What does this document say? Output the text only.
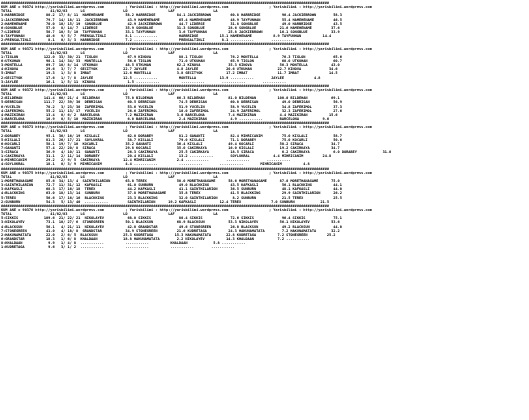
#########################################################################################################################################################
KUM ANE = 90374 http://yarisbilimi.wordpress.com          ; Yarisbilimi : http://yarisbilimi.wordpress.com                   ; Yarisbilimi : http://yarisbilimi.wordpress.com
TOTAL                  41/02/83      LG                  LD                   LAF                  LA
3:HARBRIDGE          80.2  17/ 8/ 11  HAMEHENAME          58.2 HARBRIDGE          84.1 JACKIEBROWN         60.8 HARBRIDGE          96.4 JACKIEBROWN        58.3
1:JACKIEBROWN        79.7  14/ 18/ 11  JACKIEBROWN         43.9 HAMEHENAME         65.4 HAMEHENAME         48.9 TAYFUNHAN          55.4 HAMEHENAME         46.5
2:HAMEHENAME         70.0  10/ 15/ 19  SONGBLUE            42.9 JACKIEBROWN        44.7 LIDERSE            31.8 SONGBLUE           49.0 HARBRIDGE          43.5
6:SONGBLUE           57.0   8/ 14/ 7  LIDERSE             35.9 SONGBLUE           31.3 SONGBLUE           28.6 SONGBLUE           21.6 HAMEHENAME         37.6
7:LIDERSE            50.7  10/ 5/ 10  TAYFUNHAN           33.1 TAYFUNHAN           3.6 TAYFUNHAN          25.8 JACKIEBROWN        16.1 SONGBLUE           33.9
8:TAYFUNHAN          48.6   9/ 5/ 7  PRENSALTINLI         8.1 ...........          HARBRIDGE          15.1 HAMEHENAME          8.9 TAYFUNHAN          14.4
2:PRENSALTINLI        8.1   0/ 3/ 3  HARBRIDGE            7.2 ...........          PRENSALTINLI        8.1 ...........        ...........
#########################################################################################################################################################
KUM ANE = 90371 http://yarisbilimi.wordpress.com          ; Yarisbilimi : http://yarisbilimi.wordpress.com                   ; Yarisbilimi : http://yarisbilimi.wordpress.com
TOTAL                  41/02/83      LG                  LD                   LAF                  LA
1:TIGLON            122.0  33/ 30/ 21  TIGLON              67.9 KINOVA             88.1 TIGLON             76.2 MONTELLA           76.3 TIGLON             65.6
6:UTKUHAN            90.1  14/ 34/ 33  MONTELLA            56.6 TIGLON             71.0 UTKUHAN            65.9 TIGLON             60.0 UTKUHAN            60.7
3:MONTELLA           69.7  10/ 8/ 14  UTKUHAN             48.5 UTKUHAN            62.2 KINOVA             35.3 KINOVA             56.3 MONTELLA           43.0
4:KINOVA             29.6   3/ 7/ 7  GECITYOK            22.7 JAYLEE              4.8 JAYLEE             20.6 UTKUHAN            22.7 KINOVA             34.6
5:IMBAT              19.3   1/ 3/ 8  IMBAT               12.6 MONTELLA            3.8 GECITYOK           17.2 IMBAT              11.7 IMBAT              14.5
2:GECITYOK           17.6   1/ 7/ 8  JAYLEE              12.5 ...........          MONTELLA           13.9 ...........        JAYLEE              4.8
3:JAYLEE             16.1   1/ 5/ 11  KINOVA               1.5 ...........          ...........        ...........        ...........
#########################################################################################################################################################
KUM ANE = 90372 http://yarisbilimi.wordpress.com          ; Yarisbilimi : http://yarisbilimi.wordpress.com                   ; Yarisbilimi : http://yarisbilimi.wordpress.com
TOTAL                  41/02/83      LG                  LD                   LAF                  LA
2:BILDEHAN          141.4  66/ 21/ 4  BILDEHAN            75.0 BILDEHAN           66.3 BILDEHAN           81.0 BILDEHAN          100.0 BILDEHAN           69.1
5:DEBRISAN          111.7  22/ 39/ 30  DEBRISAN            60.5 DEBRISAN           74.5 DEBRISAN           60.0 DEBRISAN           49.0 DEBRISAN           56.9
6:YUCELIN            70.2   3/ 23/ 30  ZAFERIMOL           53.6 YUCELIN            51.9 YUCELIN            58.9 YUCELIN            34.8 ZAFERIMOL          37.3
4:ZAFERIMOL          55.2  11/ 13/ 17  YUCELIN             26.6 ZAFERIMOL          10.0 ZAFERIMOL          24.9 ZAFERIMOL          32.3 ZAFERIMOL          27.6
4:MAZIKIRAN          13.4   0/ 6/ 2  BARCELONA            7.2 MAZIKIRAN           3.0 BARCELONA           7.4 MAZIKIRAN           4.4 MAZIKIRAN          15.6
1:BARCELONA          10.9   0/ 5/ 10  MAZIKIRAN            6.0 BARCELONA           2.4 MAZIKIRAN           4.9 ...........        BARCELONA           9.6
#########################################################################################################################################################
KUM ANE = 90373 http://yarisbilimi.wordpress.com          ; Yarisbilimi : http://yarisbilimi.wordpress.com                   ; Yarisbilimi : http://yarisbilimi.wordpress.com
TOTAL                  41/02/83      LG                  LD                   LAF                  LA
2:DORABEY            95.1  36/ 16/ 19  KISLALI             62.0 DORABEY            81.2 GANANTI            82.4 MIHRICANIM         75.0 KISLALI            58.7
5:KISLALI            81.3  26/ 17/ 21  SOYLUKRAL           38.7 KISLALI            79.0 KISLALI            71.1 DORABEY            75.0 KOCARLI            50.6
6:KOCARLI            58.1  19/ 7/ 10  KOCARLI             35.2 GANANTI            36.4 KISLALI            49.4 KOCARLI            50.2 SIRACA             34.7
7:GANANTI            57.4  22/ 20/ 8  SIRACA              29.8 KOCARLI            35.0 CAKIRKAYA          16.0 KISLALI            19.2 CAKIRKAYA          34.7
3:SIRACA             36.9   4/ 10/ 11  GANANTI             26.3 CAKIRKAYA          25.5 CAKIRKAYA          18.5 SIRACA             6.2 CAKIRKAYA           6.0 DORABEY            31.0
1:CAKIRKAYA          31.1   2/ 11/ 14  DORABEY             20.4 KISLALI            13.2 ...........        SOYLUKRAL           4.4 MIHRICANIM         24.8
8:MIHRICANIM         29.2   2/ 9/ 5  CAKIRKAYA           12.4 MIHRICANIM          2.4 ...........        ...........        ...........
4:SOYLUKRAL          18.1   0/ 3/ 9  MIHRICANIM           4.4 ...........          ...........        ...........        MIHRICANIM          4.8
#########################################################################################################################################################
KUM ANE = 90375 http://yarisbilimi.wordpress.com          ; Yarisbilimi : http://yarisbilimi.wordpress.com                   ; Yarisbilimi : http://yarisbilimi.wordpress.com
TOTAL                  41/02/83      LG                  LD                   LAF                  LA
1:MORETHANAGAME      85.6  34/ 13/ 4  SAINTHILARION       63.0 TEREX              50.0 MORETHANAGAME      58.6 MORETHANAGAME      87.0 MORETHANAGAME      75.0
3:SAINTHILARION      72.7  11/ 31/ 12  KAFKASLI            61.0 SUNBURN            49.0 BLACKKING          43.5 KAFKASLI           56.1 BLACKKING          44.1
3:KAFKASLI           68.3  17/ 16/ 18  TEREX               44.2 KAFKASLI           41.1 SAINTHILARION      36.5 SUNBURN            48.1 KAFKASLI           44.0
4:BLACKKING          63.0  18/ 13/ 14  SUNBURN             37.8 MORETHANAGAME      35.8 TEREX              41.5 BLACKKING          29.9 SAINTHILARION      26.2
5:TEREX              56.6  17/ 16/ 16  BLACKKING           23.3 BLACKKING          32.0 SAINTHILARION       8.2 SUNBURN            21.5 TEREX              25.5
2:SUNBURN            54.3   5/ 13/ 40  ...........         SAINTHILARION      19.2 KAFKASLI           12.4 TEREX              7.0 SUNBURN            21.5
#########################################################################################################################################################
KUM ANE = 90376 http://yarisbilimi.wordpress.com          ; Yarisbilimi : http://yarisbilimi.wordpress.com                   ; Yarisbilimi : http://yarisbilimi.wordpress.com
TOTAL                  41/02/83      LG                  LD                   LAF                  LA
5:SIKKIS            109.6  21/ 22/ 21  NIKOLAYEV           68.0 SIKKIS             80.4 SIKKIS             72.6 SIKKIS             96.4 SIKKIS             75.1
3:NIKOLAYEV          73.1  10/ 27/ 6  STONEGREEN          50.1 BLACKSUN           68.9 BLACKSUN           53.3 NIKOLAYEV          56.1 NIKOLAYEV          53.6
4:BLACKSUN           56.1   4/ 21/ 11  NIKOLAYEV           42.0 GRANDSTAR          49.6 STONEGREEN         26.0 BLACKSUN           49.2 BLACKSUN           44.0
7:STONEGREEN         41.0   4/ 18/ 8  GRANDSTAR           34.9 STONEGREEN         21.6 KUDRETAGA          24.3 HAKUNAMATATA        7.2 HAKUNAMATATA       32.2
2:HAKUNAMATATA       22.0   2/ 6/ 5  BLACKSUN            25.3 KUDRETAGA          15.3 HAKUNAMATATA       22.8 KUDRETAGA          7.2 STONEGREEN         25.2
6:GRANDSTAR          18.3   1/ 6/ 8  KHALDAAN            18.8 HAKUNAMATATA        2.2 NIKOLAYEV          14.3 KHALDAAN           7.2 ...........
8:KHALDAAN            9.9   1/ 4/ 8  ...........          ...........          KHALDAAN            5.8 ...........
1:KUDRETAGA           9.6   3/ 1/ 2  ...........          ...........          ...........        ...........
